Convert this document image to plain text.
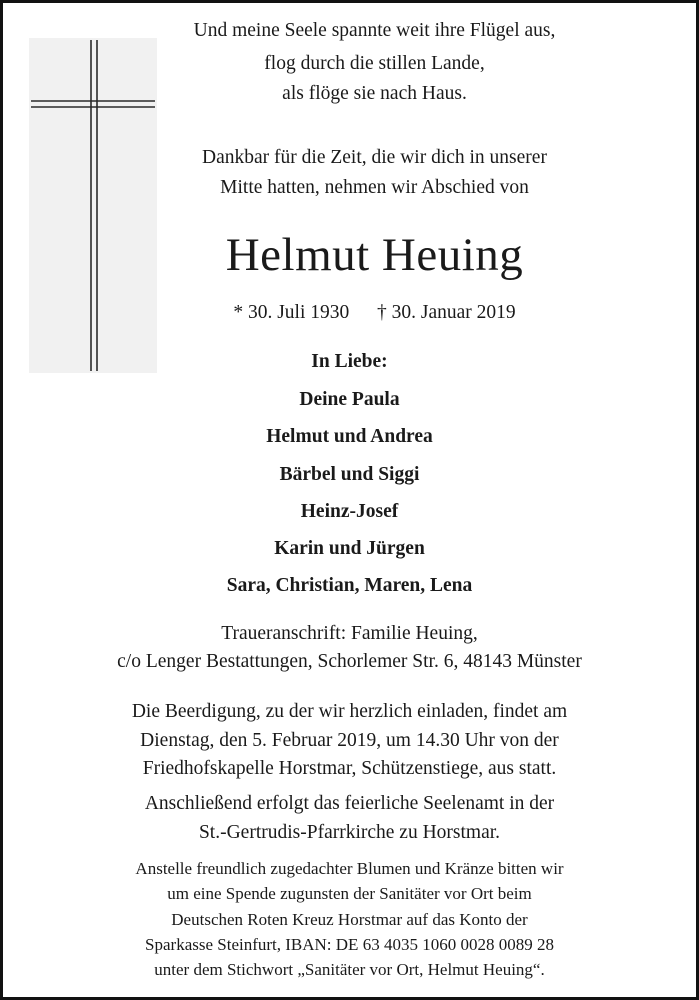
Und meine Seele spannte weit ihre Flügel aus,
flog durch die stillen Lande,
als flöge sie nach Haus.
Dankbar für die Zeit, die wir dich in unserer
Mitte hatten, nehmen wir Abschied von
Helmut Heuing
* 30. Juli 1930 † 30. Januar 2019
In Liebe:
Deine Paula
Helmut und Andrea
Bärbel und Siggi
Heinz-Josef
Karin und Jürgen
Sara, Christian, Maren, Lena
Traueranschrift: Familie Heuing,
c/o Lenger Bestattungen, Schorlemer Str. 6, 48143 Münster
Die Beerdigung, zu der wir herzlich einladen, findet am
Dienstag, den 5. Februar 2019, um 14.30 Uhr von der
Friedhofskapelle Horstmar, Schützenstiege, aus statt.
Anschließend erfolgt das feierliche Seelenamt in der
St.-Gertrudis-Pfarrkirche zu Horstmar.
Anstelle freundlich zugedachter Blumen und Kränze bitten wir
um eine Spende zugunsten der Sanitäter vor Ort beim
Deutschen Roten Kreuz Horstmar auf das Konto der
Sparkasse Steinfurt, IBAN: DE 63 4035 1060 0028 0089 28
unter dem Stichwort „Sanitäter vor Ort, Helmut Heuing“.
